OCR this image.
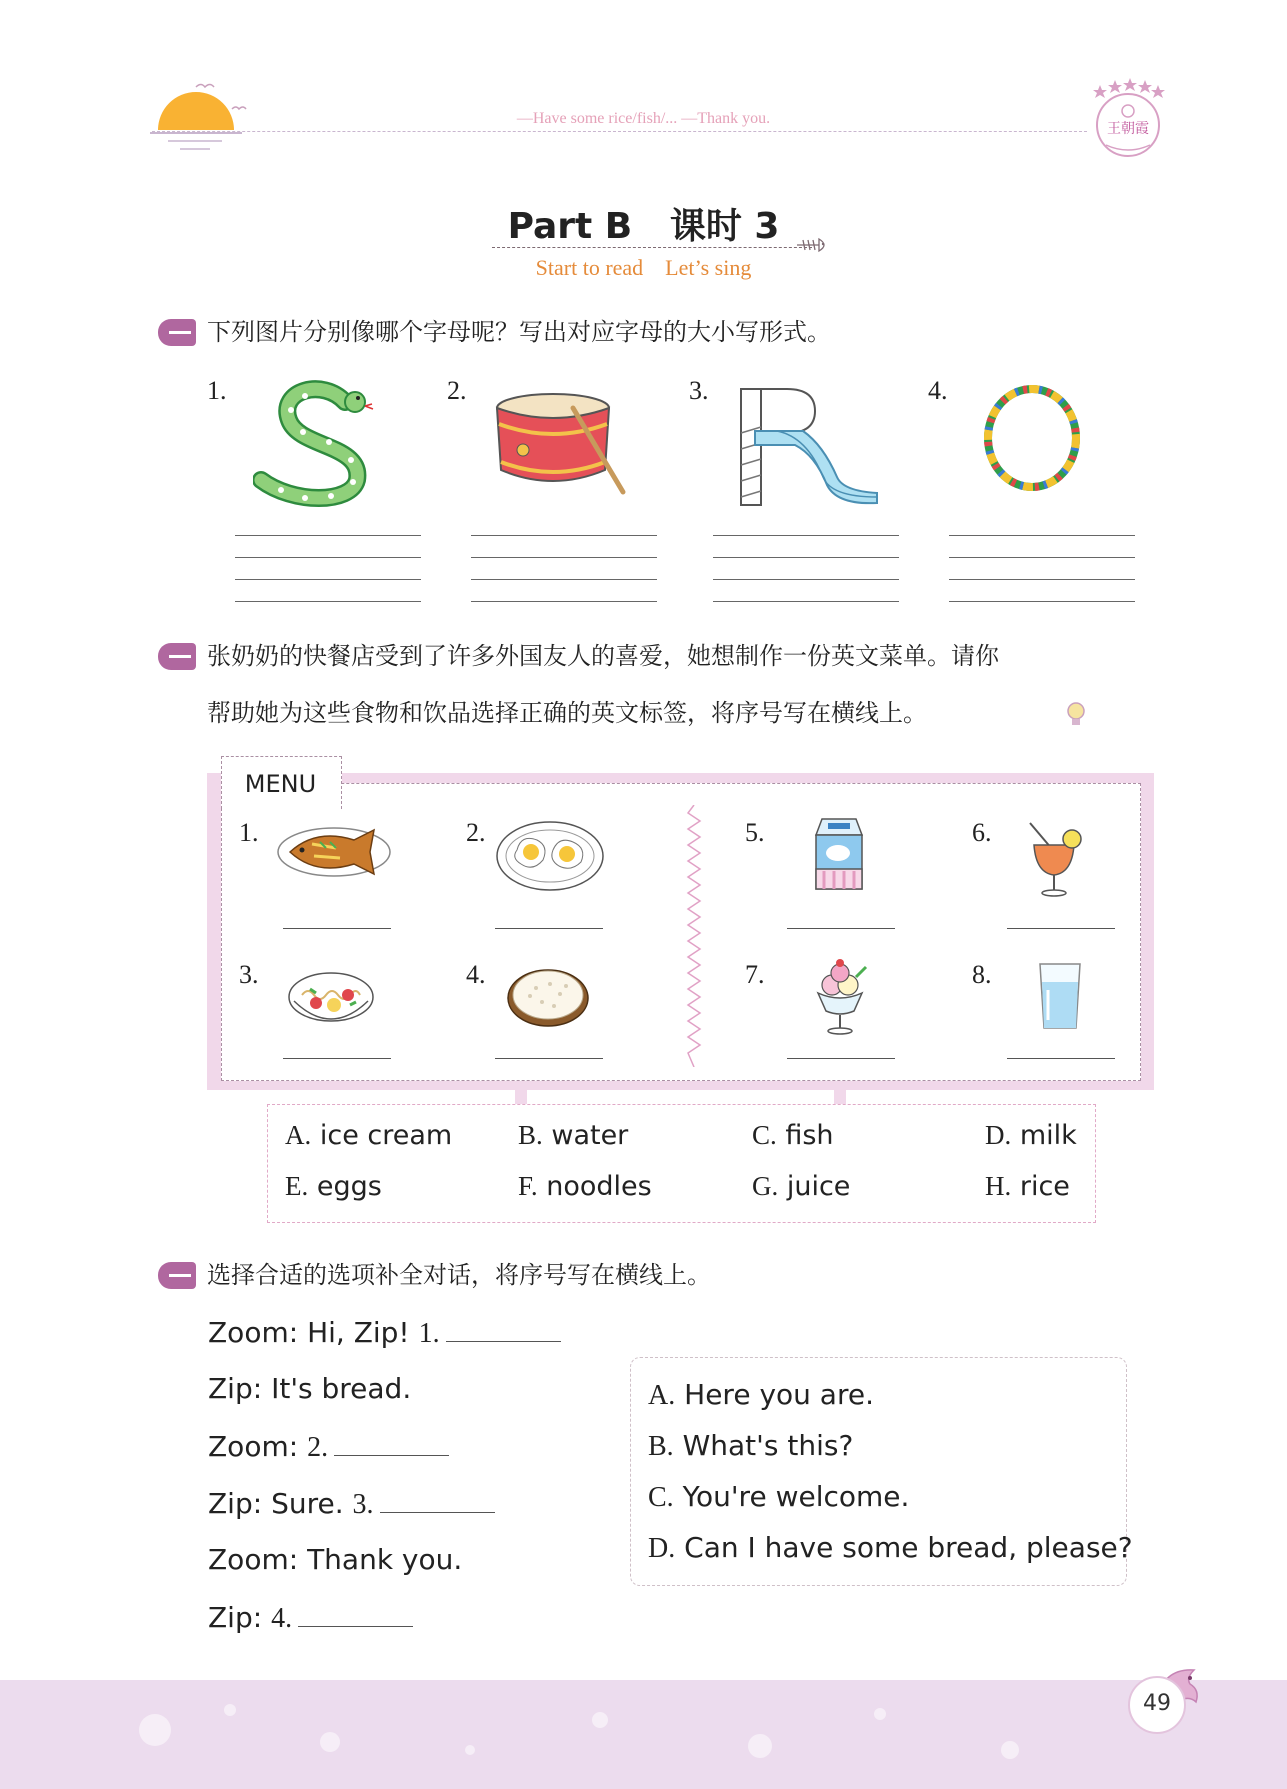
—Have some rice/fish/... —Thank you.
王朝霞
Part B   课时 3
Start to read    Let’s sing
下列图片分别像哪个字母呢？写出对应字母的大小写形式。
1.	2.	3.	4.
张奶奶的快餐店受到了许多外国友人的喜爱，她想制作一份英文菜单。请你
帮助她为这些食物和饮品选择正确的英文标签，将序号写在横线上。
MENU
1.	2.	5.	6.
3.	4.	7.	8.
A. ice cream B. water	C. fish	D. milk
E. eggs	F. noodles	G. juice	H. rice
选择合适的选项补全对话，将序号写在横线上。
Zoom: Hi, Zip! 1.
Zip: It's bread.
Zoom: 2.
Zip: Sure. 3.
Zoom: Thank you.
Zip: 4.
A. Here you are.
B. What's this?
C. You're welcome.
D. Can I have some bread, please?
49
